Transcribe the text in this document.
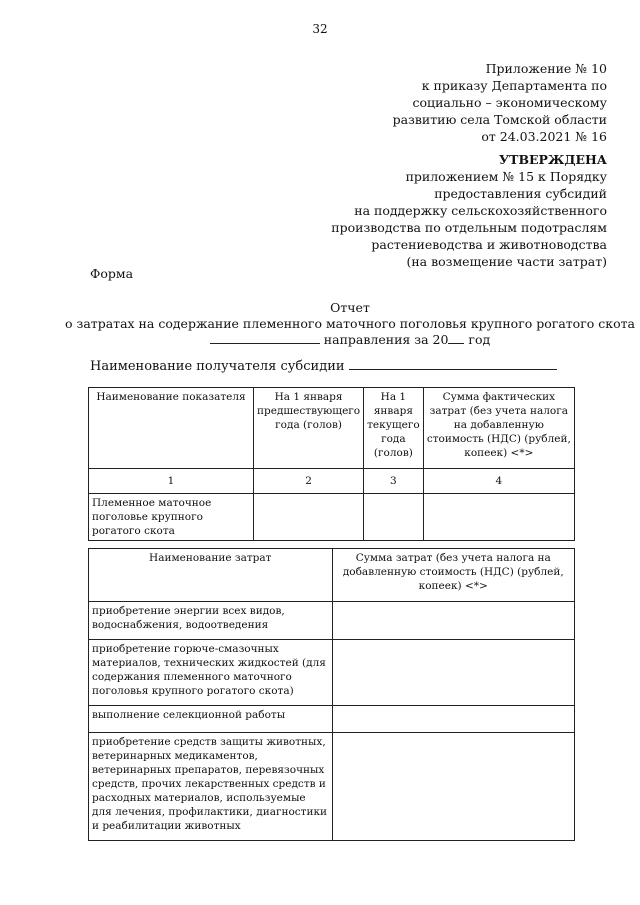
32
Приложение № 10
к приказу Департамента по
социально – экономическому
развитию села Томской области
от 24.03.2021 № 16
УТВЕРЖДЕНА
приложением № 15 к Порядку
предоставления субсидий
на поддержку сельскохозяйственного
производства по отдельным подотраслям
растениеводства и животноводства
(на возмещение части затрат)
Форма
Отчет
о затратах на содержание племенного маточного поголовья крупного рогатого скота
направления за 20 год
Наименование получателя субсидии
Наименование показателя	На 1 января предшествующего года (голов)	На 1 января текущего года (голов)	Сумма фактических затрат (без учета налога на добавленную стоимость (НДС) (рублей, копеек) <*>
1	2	3	4
Племенное маточное поголовье крупного рогатого скота			
Наименование затрат	Сумма затрат (без учета налога на добавленную стоимость (НДС) (рублей, копеек) <*>
приобретение энергии всех видов, водоснабжения, водоотведения	
приобретение горюче-смазочных материалов, технических жидкостей (для содержания племенного маточного поголовья крупного рогатого скота)	
выполнение селекционной работы	
приобретение средств защиты животных, ветеринарных медикаментов, ветеринарных препаратов, перевязочных средств, прочих лекарственных средств и расходных материалов, используемые для лечения, профилактики, диагностики и реабилитации животных	
